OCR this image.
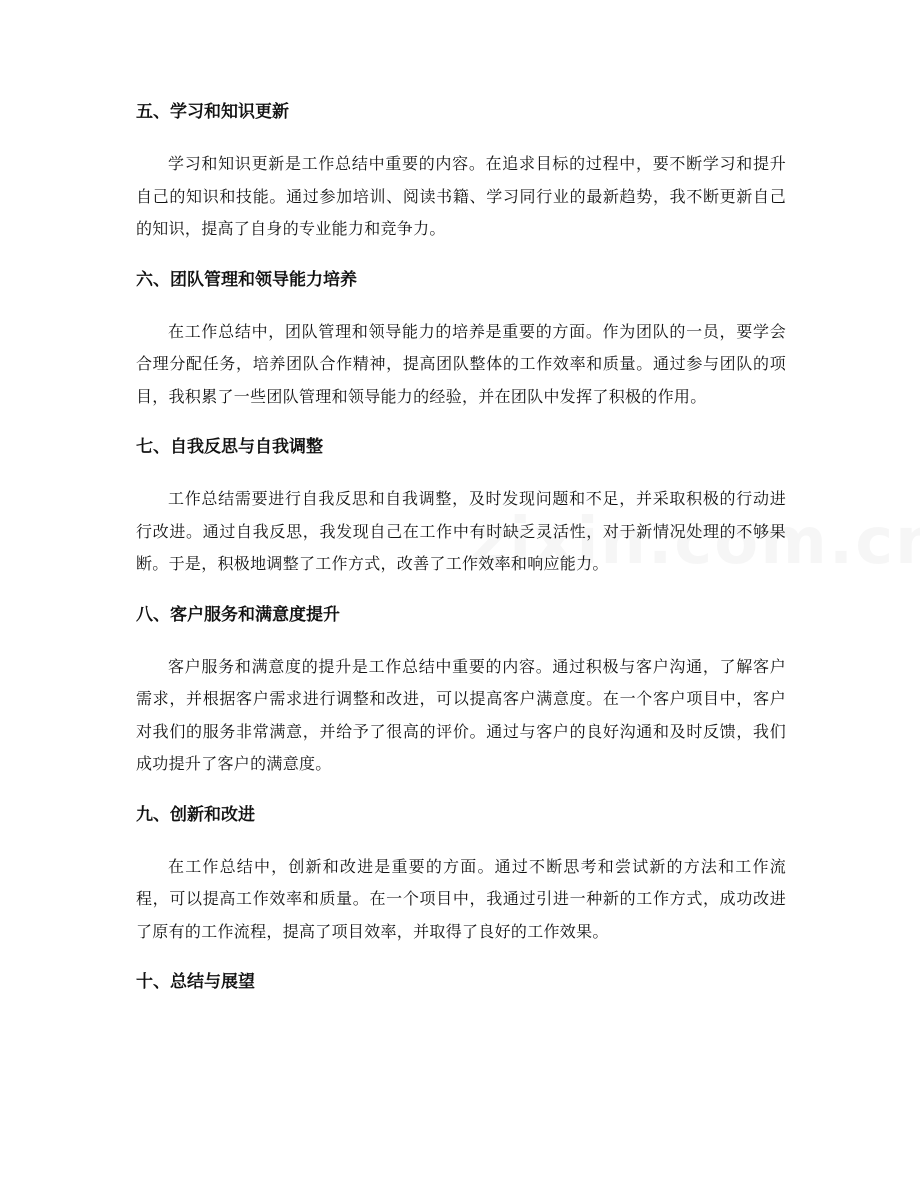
五、学习和知识更新

学习和知识更新是工作总结中重要的内容。在追求目标的过程中，要不断学习和提升自己的知识和技能。通过参加培训、阅读书籍、学习同行业的最新趋势，我不断更新自己的知识，提高了自身的专业能力和竞争力。

六、团队管理和领导能力培养

在工作总结中，团队管理和领导能力的培养是重要的方面。作为团队的一员，要学会合理分配任务，培养团队合作精神，提高团队整体的工作效率和质量。通过参与团队的项目，我积累了一些团队管理和领导能力的经验，并在团队中发挥了积极的作用。

七、自我反思与自我调整

工作总结需要进行自我反思和自我调整，及时发现问题和不足，并采取积极的行动进行改进。通过自我反思，我发现自己在工作中有时缺乏灵活性，对于新情况处理的不够果断。于是，积极地调整了工作方式，改善了工作效率和响应能力。

八、客户服务和满意度提升

客户服务和满意度的提升是工作总结中重要的内容。通过积极与客户沟通，了解客户需求，并根据客户需求进行调整和改进，可以提高客户满意度。在一个客户项目中，客户对我们的服务非常满意，并给予了很高的评价。通过与客户的良好沟通和及时反馈，我们成功提升了客户的满意度。

九、创新和改进

在工作总结中，创新和改进是重要的方面。通过不断思考和尝试新的方法和工作流程，可以提高工作效率和质量。在一个项目中，我通过引进一种新的工作方式，成功改进了原有的工作流程，提高了项目效率，并取得了良好的工作效果。

十、总结与展望
